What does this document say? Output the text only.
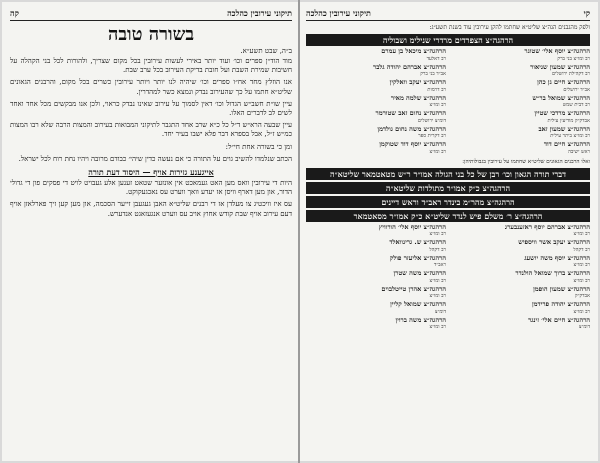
קי
תיקוני עירובין כהלכה
ולפק מהגבנים הנה״צ שליט״א שחתמו להקן עירובין עוד בשנת תשע״ג:
הרהגה״צ הצפרדים מרדרי שנילימ ושבוליה
הרהגה״צ יוסף אלי׳ שטוגר
רב ומו״צ בני ברק
הרהגה״צ שמעון שניאור
רב דקהילת ירושלים
הרהגה״צ חיים גן כהן
אב״ד ירושלים
הרהגה״צ שמואל בר״ש
רב דבית שמש
הרהגה״צ מרדכי שטיין
אבדק״ק מודיעין עילית
הרהגה״צ שמעון זאב
רב ומו״צ ביתר עילית
הרהגה״צ חיים דוד
ראש ישיבה
הרהגה״צ מיכאל בן עמרם
רב דאלעד
הרהגה״צ אברהם יהודה גלבר
אב״ד בני ברק
הרהגה״צ יעקב וואלקין
רב דרמות
הרהגה״צ שלמה מאיר
רב ומו״צ
הרהגה״צ נחום זאב שטורמר
דומ״צ ירושלים
הרהגה״צ משה נחום גולדמן
רב דקרית ספר
הרהגה״צ יוסף דוד שטוקמן
רב ומו״צ
ואלו הרבנים הגאונים שליט״א שחתמו על עירובין בגבולותיהן:
דברי תורה הגאון וכו׳ רבן של כל בני הגולה אמו״ר ר״ש מטאטמאר שליטא״ה
הרהגה״צ כ״ק אמו״ר מתולדות שליטא״ה
הרהגה״צ מהר״מ בינדר ראב״ד וראש דיינים
הרהגה״צ ר׳ משלם פיש לנדר שליט״א כ״ק אמו״ר מסאטמאר
הרהגה״צ אברהם יוסף ראזענבערג
רב ומו״צ
הרהגה״צ יעקב אשר וויספיש
רב דקהל
הרהגה״צ יוסף משה יושעג
רב ומו״צ
הרהגה״צ ברוך שמואל הולנדר
רב ומו״צ
הרהגה״צ שמעון הופמן
אבדק״ק
הרהגה״צ יהודה פרידמן
רב ומו״צ
הרהגה״צ חיים אלי׳ זינגר
דומ״צ
הרהגה״צ יוסף אלי׳ הורוויץ
רב ומו״צ
הרהגה״צ ש. גרינוואלד
רב דקהל
הרהגה״צ אליעזר פולק
ראב״ד
הרהגה״צ משה שטרן
רב ומו״צ
הרהגה״צ אהרן טייטלבוים
רב ומו״צ
הרהגה״צ שמואל קליין
דומ״צ
הרהגה״צ משה ברוין
רב ומו״צ
תיקוני עירובין כהלכה
קה
בשורה טובה
ב״ה, שבט תשע״א.

מוד הוד״ן ספרים וכו׳ ועוד יותר באירי לעשות עירובין בכל מקום שצריך, ולהורות לכל בני הקהלה על חשיבות שמירת השבת ועל חובת בדיקת העירוב בכל ערב שבת.

אנו הוזלץ מחד אח״ו ספרים וכו׳ שיהיה לנו יותר ויותר עירובין כשרים בכל מקום, והרבנים הגאונים שליט״א חתמו על כך שהעירוב נבדק ונמצא כשר למהדרין.

עיין שו״ת חשב״ש הגדול וכו׳ דאין לסמוך על עירוב שאינו נבדק כראוי, ולכן אנו מבקשים מכל אחד ואחד לשים לב לדברים האלו.

עיין שבעה הרא״ש ד״ל כל כ״א שרב אחד התגבר לתיקוני המבואות בעירוב והמצות הרבה שלא רבו המצות כמ״ש ז״ל, אבל בספרא דבר פלא ישבו בעיר יחד.

ומן כי בשורה אחת חי״ל:

הכתב שנלמדו להשיב גוים על התורה כי אם נעשה כדין שיהי׳ כבודם מרובה ויהיו נחת רוח לכל ישראל.

אייגענע גזירות אויף — היסוד דעת תורה

היות די עירובין וואס מען האט געמאכט אין אונזער שטאט זענען אלע געבויט לויט די פסקים פון די גדולי הדור, און מען דארף וויסן אז יעדע וואך ווערט עס נאכגעקוקט.

עס איז וויכטיג צו מעלדן אז די רבנים שליט״א האבן געגעבן זייער הסכמה, און מען קען זיך פארלאזן אויף דעם עירוב אויף שבת קודש אחוץ אויב עס ווערט אנגעזאגט אנדערש.
